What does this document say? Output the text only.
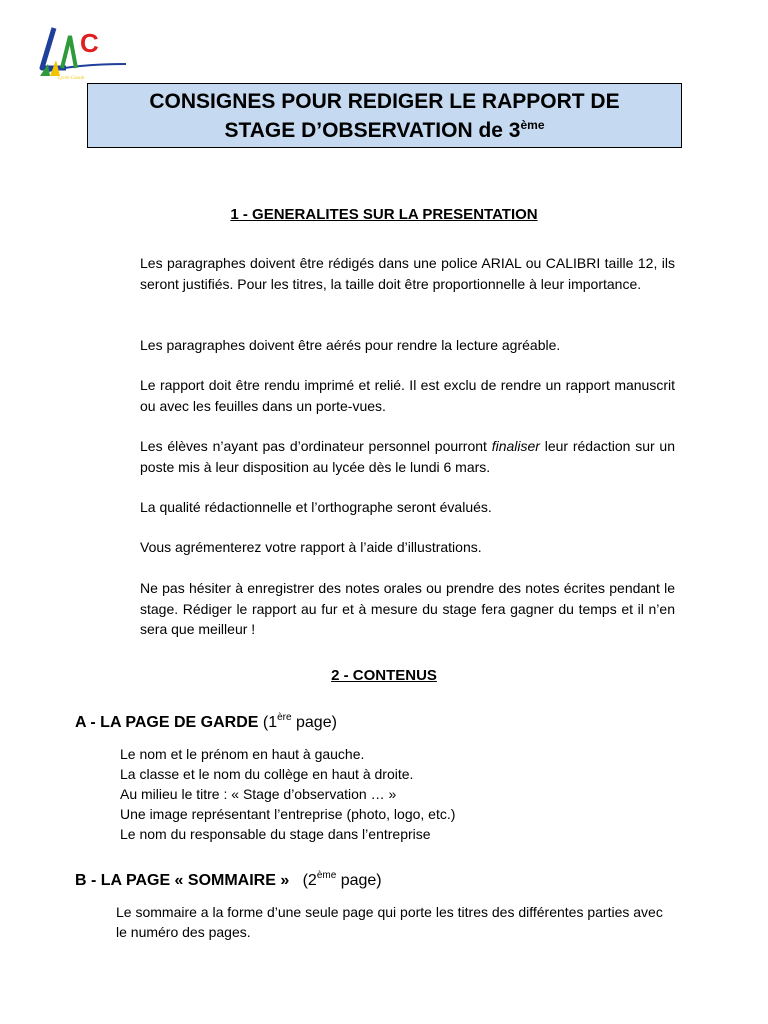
C
Lycée Cassin
CONSIGNES POUR REDIGER LE RAPPORT DE
STAGE D’OBSERVATION de 3ème
1 - GENERALITES SUR LA PRESENTATION

Les paragraphes doivent être rédigés dans une police ARIAL ou CALIBRI taille 12, ils seront justifiés. Pour les titres, la taille doit être proportionnelle à leur importance.

Les paragraphes doivent être aérés pour rendre la lecture agréable.

Le rapport doit être rendu imprimé et relié. Il est exclu de rendre un rapport manuscrit ou avec les feuilles dans un porte-vues.

Les élèves n’ayant pas d’ordinateur personnel pourront finaliser leur rédaction sur un poste mis à leur disposition au lycée dès le lundi 6 mars.

La qualité rédactionnelle et l’orthographe seront évalués.

Vous agrémenterez votre rapport à l’aide d’illustrations.

Ne pas hésiter à enregistrer des notes orales ou prendre des notes écrites pendant le stage. Rédiger le rapport au fur et à mesure du stage fera gagner du temps et il n’en sera que meilleur !

2 - CONTENUS
A - LA PAGE DE GARDE (1ère page)
Le nom et le prénom en haut à gauche.
La classe et le nom du collège en haut à droite.
Au milieu le titre : « Stage d’observation … »
Une image représentant l’entreprise (photo, logo, etc.)
Le nom du responsable du stage dans l’entreprise
B - LA PAGE « SOMMAIRE »   (2ème page)

Le sommaire a la forme d’une seule page qui porte les titres des différentes parties avec le numéro des pages.
